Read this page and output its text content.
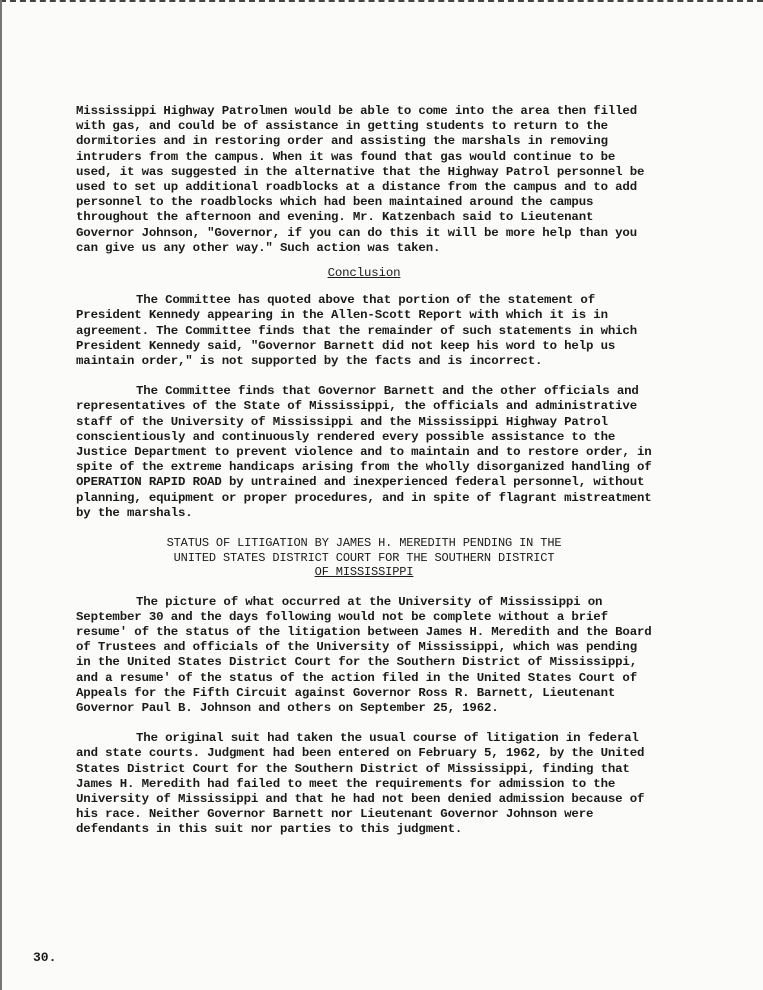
Mississippi Highway Patrolmen would be able to come into the area then filled with gas, and could be of assistance in getting students to return to the dormitories and in restoring order and assisting the marshals in removing intruders from the campus. When it was found that gas would continue to be used, it was suggested in the alternative that the Highway Patrol personnel be used to set up additional roadblocks at a distance from the campus and to add personnel to the roadblocks which had been maintained around the campus throughout the afternoon and evening. Mr. Katzenbach said to Lieutenant Governor Johnson, "Governor, if you can do this it will be more help than you can give us any other way." Such action was taken.

Conclusion

The Committee has quoted above that portion of the statement of President Kennedy appearing in the Allen-Scott Report with which it is in agreement. The Committee finds that the remainder of such statements in which President Kennedy said, "Governor Barnett did not keep his word to help us maintain order," is not supported by the facts and is incorrect.

The Committee finds that Governor Barnett and the other officials and representatives of the State of Mississippi, the officials and administrative staff of the University of Mississippi and the Mississippi Highway Patrol conscientiously and continuously rendered every possible assistance to the Justice Department to prevent violence and to maintain and to restore order, in spite of the extreme handicaps arising from the wholly disorganized handling of OPERATION RAPID ROAD by untrained and inexperienced federal personnel, without planning, equipment or proper procedures, and in spite of flagrant mistreatment by the marshals.

STATUS OF LITIGATION BY JAMES H. MEREDITH PENDING IN THE
UNITED STATES DISTRICT COURT FOR THE SOUTHERN DISTRICT
OF MISSISSIPPI

The picture of what occurred at the University of Mississippi on September 30 and the days following would not be complete without a brief resume' of the status of the litigation between James H. Meredith and the Board of Trustees and officials of the University of Mississippi, which was pending in the United States District Court for the Southern District of Mississippi, and a resume' of the status of the action filed in the United States Court of Appeals for the Fifth Circuit against Governor Ross R. Barnett, Lieutenant Governor Paul B. Johnson and others on September 25, 1962.

The original suit had taken the usual course of litigation in federal and state courts. Judgment had been entered on February 5, 1962, by the United States District Court for the Southern District of Mississippi, finding that James H. Meredith had failed to meet the requirements for admission to the University of Mississippi and that he had not been denied admission because of his race. Neither Governor Barnett nor Lieutenant Governor Johnson were defendants in this suit nor parties to this judgment.

30.
